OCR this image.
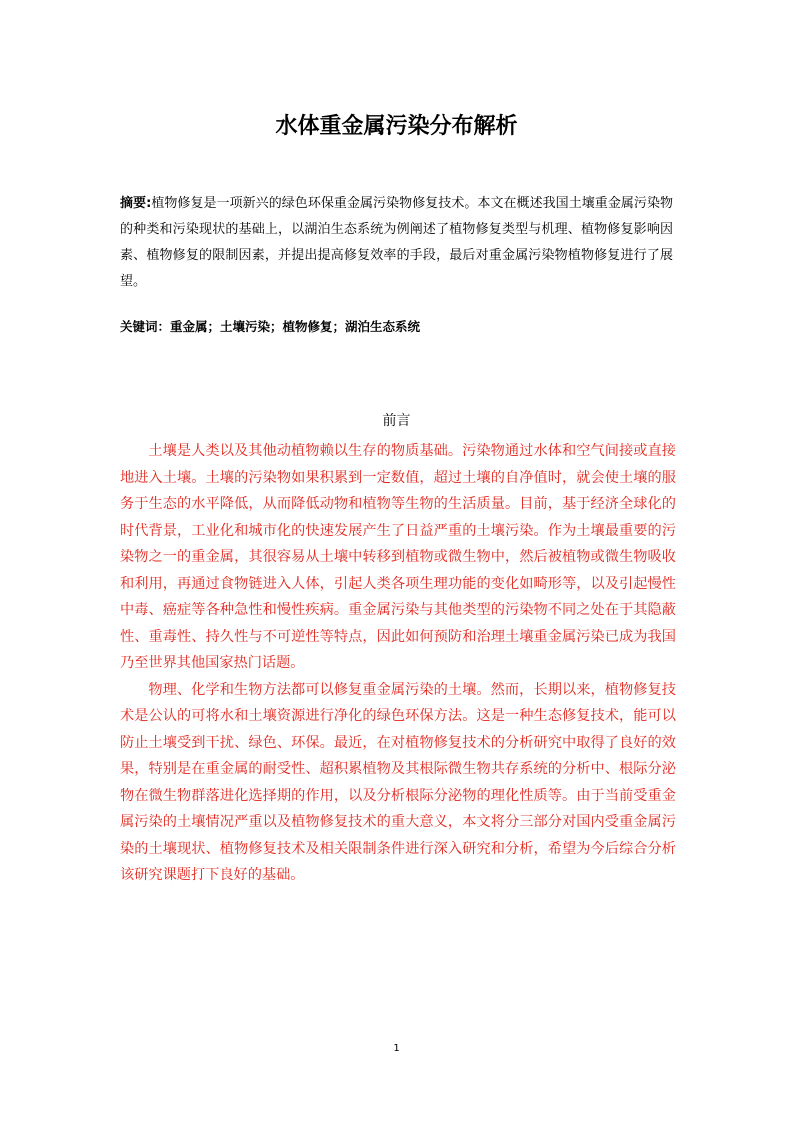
水体重金属污染分布解析
摘要:植物修复是一项新兴的绿色环保重金属污染物修复技术。本文在概述我国土壤重金属污染物的种类和污染现状的基础上，以湖泊生态系统为例阐述了植物修复类型与机理、植物修复影响因素、植物修复的限制因素，并提出提高修复效率的手段，最后对重金属污染物植物修复进行了展望。
关键词：重金属；土壤污染；植物修复；湖泊生态系统
前言

土壤是人类以及其他动植物赖以生存的物质基础。污染物通过水体和空气间接或直接地进入土壤。土壤的污染物如果积累到一定数值，超过土壤的自净值时，就会使土壤的服务于生态的水平降低，从而降低动物和植物等生物的生活质量。目前，基于经济全球化的时代背景，工业化和城市化的快速发展产生了日益严重的土壤污染。作为土壤最重要的污染物之一的重金属，其很容易从土壤中转移到植物或微生物中，然后被植物或微生物吸收和利用，再通过食物链进入人体，引起人类各项生理功能的变化如畸形等，以及引起慢性中毒、癌症等各种急性和慢性疾病。重金属污染与其他类型的污染物不同之处在于其隐蔽性、重毒性、持久性与不可逆性等特点，因此如何预防和治理土壤重金属污染已成为我国乃至世界其他国家热门话题。

物理、化学和生物方法都可以修复重金属污染的土壤。然而，长期以来，植物修复技术是公认的可将水和土壤资源进行净化的绿色环保方法。这是一种生态修复技术，能可以防止土壤受到干扰、绿色、环保。最近，在对植物修复技术的分析研究中取得了良好的效果，特别是在重金属的耐受性、超积累植物及其根际微生物共存系统的分析中、根际分泌物在微生物群落进化选择期的作用，以及分析根际分泌物的理化性质等。由于当前受重金属污染的土壤情况严重以及植物修复技术的重大意义，本文将分三部分对国内受重金属污染的土壤现状、植物修复技术及相关限制条件进行深入研究和分析，希望为今后综合分析该研究课题打下良好的基础。

1
